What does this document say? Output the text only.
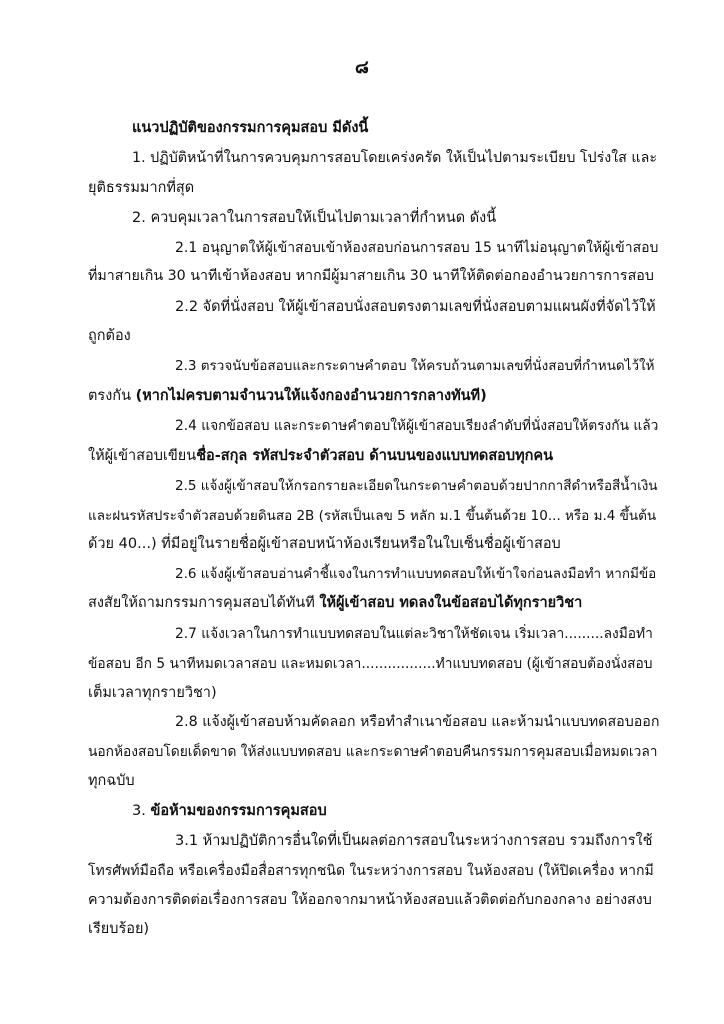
๘
แนวปฏิบัติของกรรมการคุมสอบ มีดังนี้
1. ปฏิบัติหน้าที่ในการควบคุมการสอบโดยเคร่งครัด ให้เป็นไปตามระเบียบ โปร่งใส และ
ยุติธรรมมากที่สุด
2. ควบคุมเวลาในการสอบให้เป็นไปตามเวลาที่กำหนด ดังนี้
2.1 อนุญาตให้ผู้เข้าสอบเข้าห้องสอบก่อนการสอบ 15 นาทีไม่อนุญาตให้ผู้เข้าสอบ
ที่มาสายเกิน 30 นาทีเข้าห้องสอบ หากมีผู้มาสายเกิน 30 นาทีให้ติดต่อกองอำนวยการการสอบ
2.2 จัดที่นั่งสอบ ให้ผู้เข้าสอบนั่งสอบตรงตามเลขที่นั่งสอบตามแผนผังที่จัดไว้ให้
ถูกต้อง
2.3 ตรวจนับข้อสอบและกระดาษคำตอบ ให้ครบถ้วนตามเลขที่นั่งสอบที่กำหนดไว้ให้
ตรงกัน (หากไม่ครบตามจำนวนให้แจ้งกองอำนวยการกลางทันที)
2.4 แจกข้อสอบ และกระดาษคำตอบให้ผู้เข้าสอบเรียงลำดับที่นั่งสอบให้ตรงกัน แล้ว
ให้ผู้เข้าสอบเขียนชื่อ-สกุล รหัสประจำตัวสอบ ด้านบนของแบบทดสอบทุกคน
2.5 แจ้งผู้เข้าสอบให้กรอกรายละเอียดในกระดาษคำตอบด้วยปากกาสีดำหรือสีน้ำเงิน
และฝนรหัสประจำตัวสอบด้วยดินสอ 2B (รหัสเป็นเลข 5 หลัก ม.1 ขึ้นต้นด้วย 10... หรือ ม.4 ขึ้นต้น
ด้วย 40...) ที่มีอยู่ในรายชื่อผู้เข้าสอบหน้าห้องเรียนหรือในใบเซ็นชื่อผู้เข้าสอบ
2.6 แจ้งผู้เข้าสอบอ่านคำชี้แจงในการทำแบบทดสอบให้เข้าใจก่อนลงมือทำ หากมีข้อ
สงสัยให้ถามกรรมการคุมสอบได้ทันที ให้ผู้เข้าสอบ ทดลงในข้อสอบได้ทุกรายวิชา
2.7 แจ้งเวลาในการทำแบบทดสอบในแต่ละวิชาให้ชัดเจน เริ่มเวลา.........ลงมือทำ
ข้อสอบ อีก 5 นาทีหมดเวลาสอบ และหมดเวลา.................ทำแบบทดสอบ (ผู้เข้าสอบต้องนั่งสอบ
เต็มเวลาทุกรายวิชา)
2.8 แจ้งผู้เข้าสอบห้ามคัดลอก หรือทำสำเนาข้อสอบ และห้ามนำแบบทดสอบออก
นอกห้องสอบโดยเด็ดขาด ให้ส่งแบบทดสอบ และกระดาษคำตอบคืนกรรมการคุมสอบเมื่อหมดเวลา
ทุกฉบับ
3. ข้อห้ามของกรรมการคุมสอบ
3.1 ห้ามปฏิบัติการอื่นใดที่เป็นผลต่อการสอบในระหว่างการสอบ รวมถึงการใช้
โทรศัพท์มือถือ หรือเครื่องมือสื่อสารทุกชนิด ในระหว่างการสอบ ในห้องสอบ (ให้ปิดเครื่อง หากมี
ความต้องการติดต่อเรื่องการสอบ ให้ออกจากมาหน้าห้องสอบแล้วติดต่อกับกองกลาง อย่างสงบ
เรียบร้อย)
